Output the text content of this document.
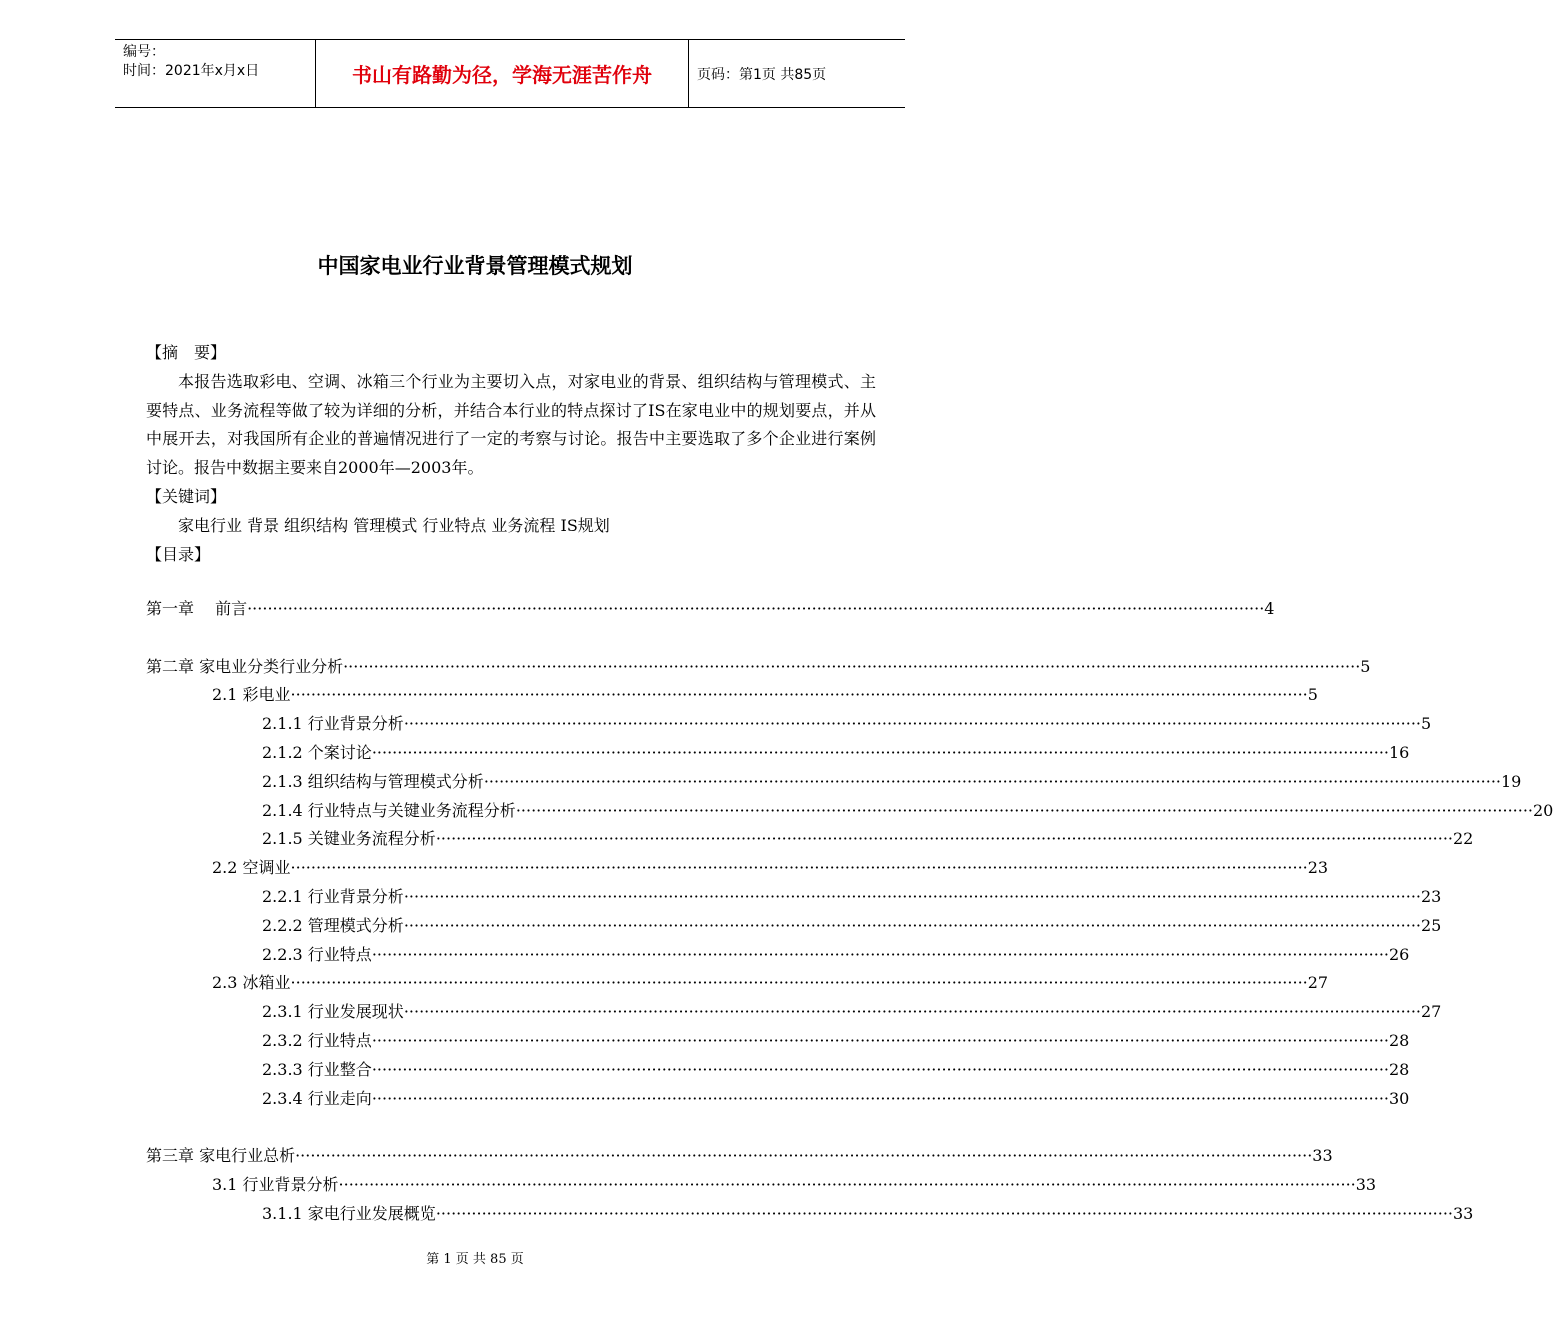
编号：
时间：2021年x月x日	书山有路勤为径，学海无涯苦作舟	页码：第1页 共85页
中国家电业行业背景管理模式规划
【摘　要】
本报告选取彩电、空调、冰箱三个行业为主要切入点，对家电业的背景、组织结构与管理模式、主要特点、业务流程等做了较为详细的分析，并结合本行业的特点探讨了IS在家电业中的规划要点，并从中展开去，对我国所有企业的普遍情况进行了一定的考察与讨论。报告中主要选取了多个企业进行案例讨论。报告中数据主要来自2000年—2003年。
【关键词】
家电行业 背景 组织结构 管理模式 行业特点 业务流程 IS规划
【目录】
第一章　 前言 ········································································································································································································ 4
第二章 家电业分类行业分析 ········································································································································································································ 5
2.1 彩电业 ········································································································································································································ 5
2.1.1 行业背景分析 ········································································································································································································ 5
2.1.2 个案讨论 ········································································································································································································ 16
2.1.3 组织结构与管理模式分析 ········································································································································································································ 19
2.1.4 行业特点与关键业务流程分析 ········································································································································································································ 20
2.1.5 关键业务流程分析 ········································································································································································································ 22
2.2 空调业 ········································································································································································································ 23
2.2.1 行业背景分析 ········································································································································································································ 23
2.2.2 管理模式分析 ········································································································································································································ 25
2.2.3 行业特点 ········································································································································································································ 26
2.3 冰箱业 ········································································································································································································ 27
2.3.1 行业发展现状 ········································································································································································································ 27
2.3.2 行业特点 ········································································································································································································ 28
2.3.3 行业整合 ········································································································································································································ 28
2.3.4 行业走向 ········································································································································································································ 30
第三章 家电行业总析 ········································································································································································································ 33
3.1 行业背景分析 ········································································································································································································ 33
3.1.1 家电行业发展概览 ········································································································································································································ 33
第 1 页 共 85 页
